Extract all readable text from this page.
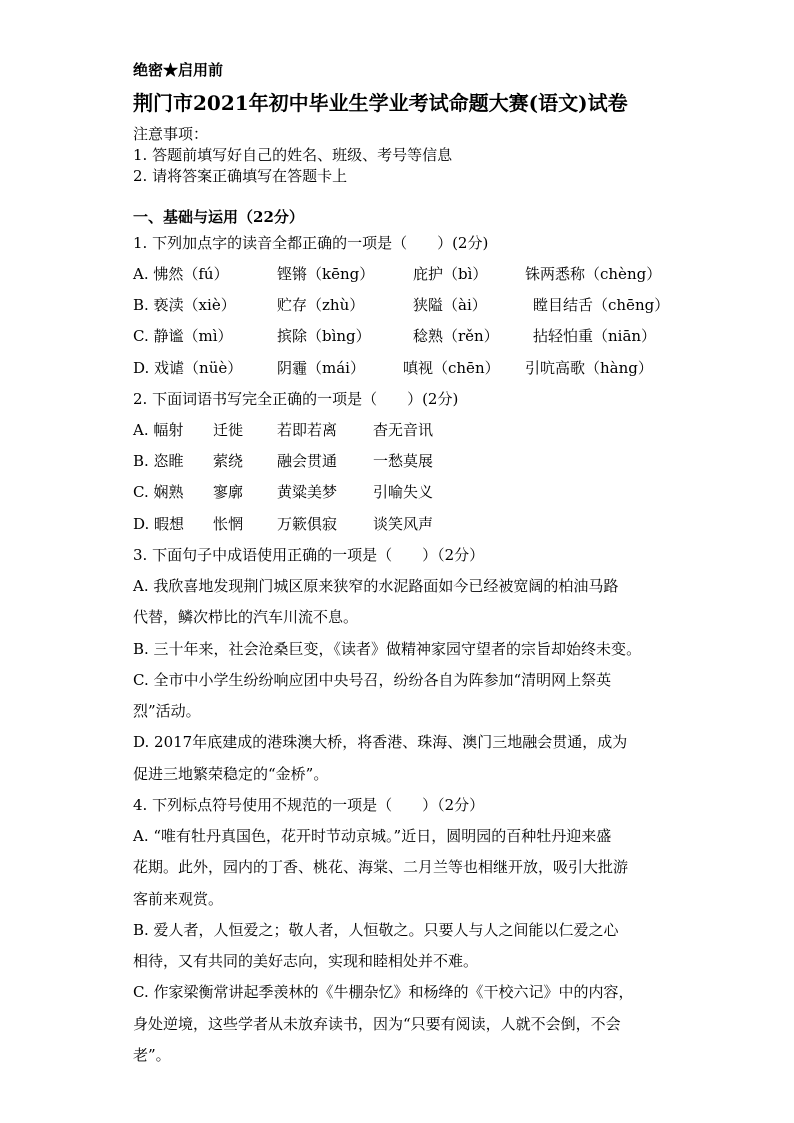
绝密★启用前
荆门市2021年初中毕业生学业考试命题大赛(语文)试卷
注意事项：
1. 答题前填写好自己的姓名、班级、考号等信息
2. 请将答案正确填写在答题卡上
一、基础与运用（22分）
1. 下列加点字的读音全都正确的一项是（　　）(2分)
A. 怫然（fú）	铿锵（kēng）	庇护（bì）	铢两悉称（chèng）
B. 亵渎（xiè）	贮存（zhù）	狭隘（ài）	瞠目结舌（chēng）
C. 静谧（mì）	摈除（bìng）	稔熟（rěn） 拈轻怕重（niān）
D. 戏谑（nüè） 阴霾（mái）	嗔视（chēn） 引吭高歌（hàng）
2. 下面词语书写完全正确的一项是（　　）(2分)
A. 幅射 迁徙 若即若离 杳无音讯
B. 恣睢 萦绕 融会贯通 一愁莫展
C. 娴熟 寥廓 黄粱美梦 引喻失义
D. 暇想 怅惘 万簌俱寂 谈笑风声
3. 下面句子中成语使用正确的一项是（　　）（2分）
A. 我欣喜地发现荆门城区原来狭窄的水泥路面如今已经被宽阔的柏油马路
代替，鳞次栉比的汽车川流不息。
B. 三十年来，社会沧桑巨变，《读者》做精神家园守望者的宗旨却始终未变。
C. 全市中小学生纷纷响应团中央号召，纷纷各自为阵参加“清明网上祭英
烈”活动。
D. 2017年底建成的港珠澳大桥，将香港、珠海、澳门三地融会贯通，成为
促进三地繁荣稳定的“金桥”。
4. 下列标点符号使用不规范的一项是（　　）（2分）
A. “唯有牡丹真国色，花开时节动京城。”近日，圆明园的百种牡丹迎来盛
花期。此外，园内的丁香、桃花、海棠、二月兰等也相继开放，吸引大批游
客前来观赏。
B. 爱人者，人恒爱之；敬人者，人恒敬之。只要人与人之间能以仁爱之心
相待，又有共同的美好志向，实现和睦相处并不难。
C. 作家梁衡常讲起季羡林的《牛棚杂忆》和杨绛的《干校六记》中的内容，
身处逆境，这些学者从未放弃读书，因为“只要有阅读，人就不会倒，不会
老”。
